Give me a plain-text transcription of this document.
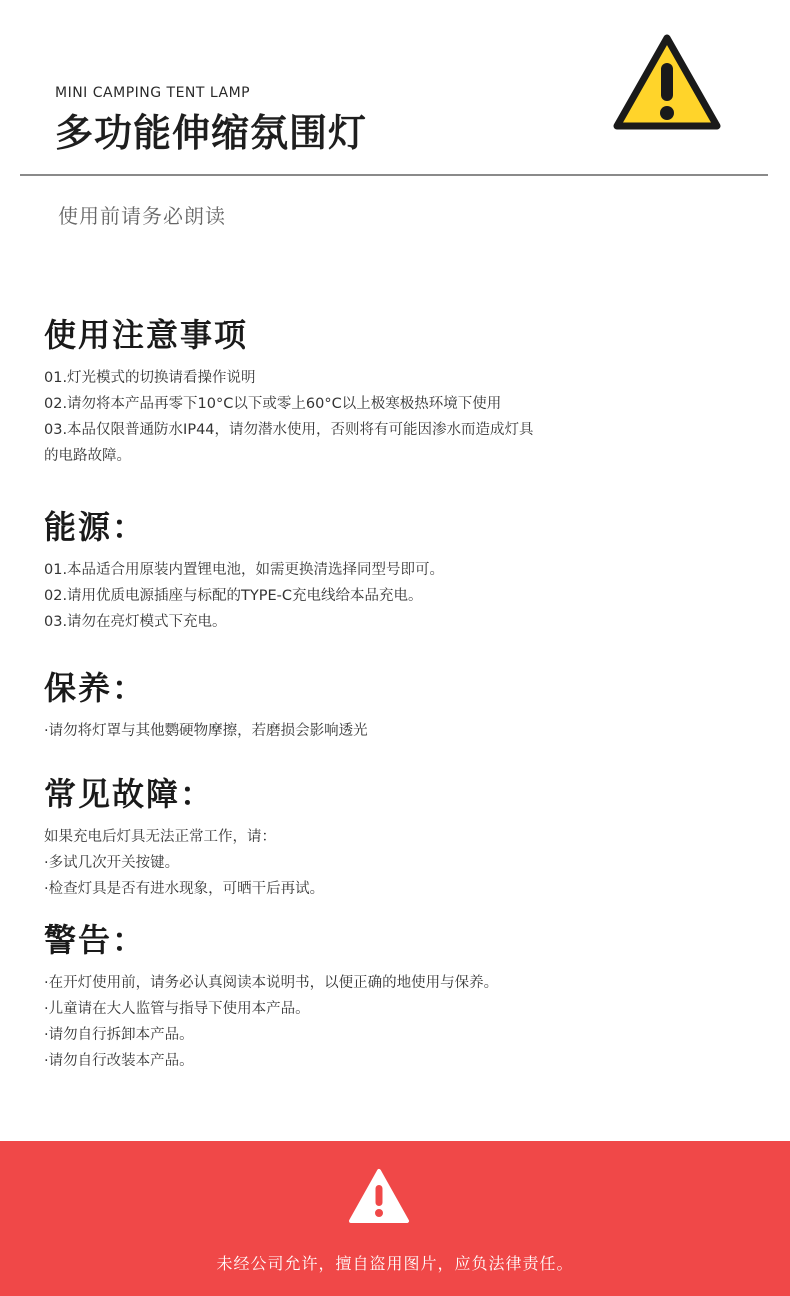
MINI CAMPING TENT LAMP
多功能伸缩氛围灯
使用前请务必朗读
使用注意事项
01.灯光模式的切换请看操作说明
02.请勿将本产品再零下10°C以下或零上60°C以上极寒极热环境下使用
03.本品仅限普通防水IP44，请勿潜水使用，否则将有可能因渗水而造成灯具
的电路故障。
能源：
01.本品适合用原装内置锂电池，如需更换清选择同型号即可。
02.请用优质电源插座与标配的TYPE-C充电线给本品充电。
03.请勿在亮灯模式下充电。
保养：
·请勿将灯罩与其他鹦硬物摩擦，若磨损会影响透光
常见故障：
如果充电后灯具无法正常工作，请：
·多试几次开关按键。
·检查灯具是否有进水现象，可晒干后再试。
警告：
·在开灯使用前，请务必认真阅读本说明书，以便正确的地使用与保养。
·儿童请在大人监管与指导下使用本产品。
·请勿自行拆卸本产品。
·请勿自行改装本产品。
未经公司允许，擅自盗用图片，应负法律责任。
